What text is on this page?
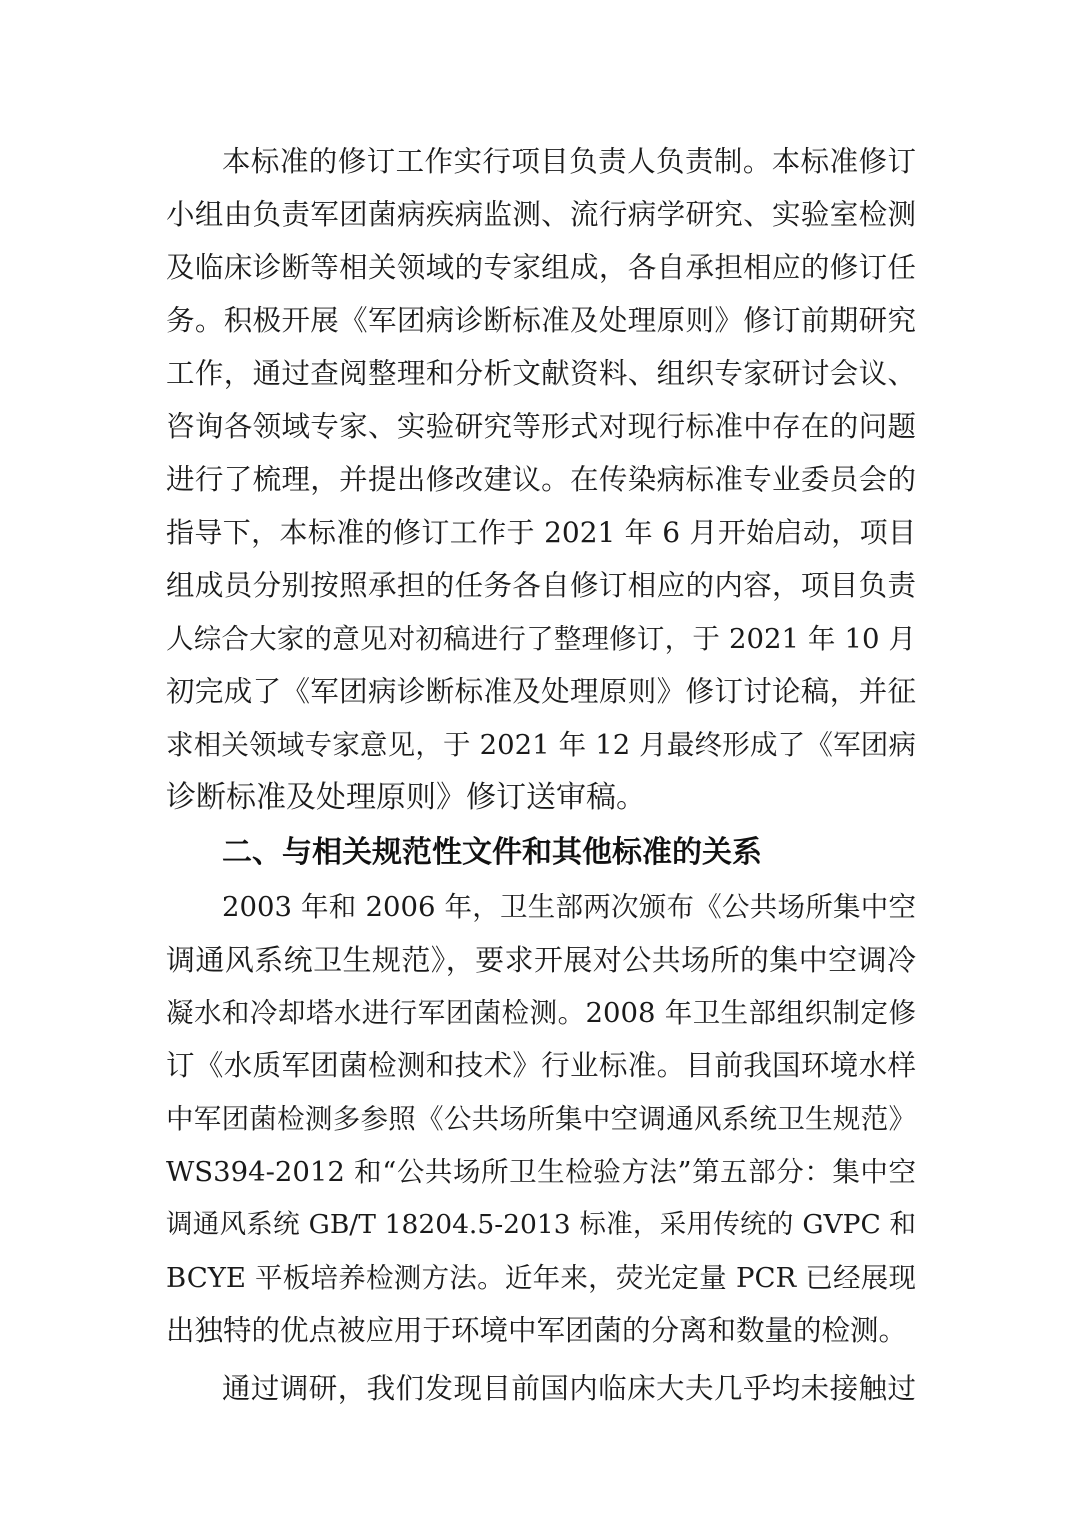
本标准的修订工作实行项目负责人负责制。本标准修订
小组由负责军团菌病疾病监测、流行病学研究、实验室检测
及临床诊断等相关领域的专家组成，各自承担相应的修订任
务。积极开展《军团病诊断标准及处理原则》修订前期研究
工作，通过查阅整理和分析文献资料、组织专家研讨会议、
咨询各领域专家、实验研究等形式对现行标准中存在的问题
进行了梳理，并提出修改建议。在传染病标准专业委员会的
指导下，本标准的修订工作于 2021 年 6 月开始启动，项目
组成员分别按照承担的任务各自修订相应的内容，项目负责
人综合大家的意见对初稿进行了整理修订，于 2021 年 10 月
初完成了《军团病诊断标准及处理原则》修订讨论稿，并征
求相关领域专家意见，于 2021 年 12 月最终形成了《军团病
诊断标准及处理原则》修订送审稿。
二、与相关规范性文件和其他标准的关系
2003 年和 2006 年，卫生部两次颁布《公共场所集中空
调通风系统卫生规范》，要求开展对公共场所的集中空调冷
凝水和冷却塔水进行军团菌检测。2008 年卫生部组织制定修
订《水质军团菌检测和技术》行业标准。目前我国环境水样
中军团菌检测多参照《公共场所集中空调通风系统卫生规范》
WS394-2012 和“公共场所卫生检验方法”第五部分：集中空
调通风系统 GB/T 18204.5-2013 标准，采用传统的 GVPC 和
BCYE 平板培养检测方法。近年来，荧光定量 PCR 已经展现
出独特的优点被应用于环境中军团菌的分离和数量的检测。
通过调研，我们发现目前国内临床大夫几乎均未接触过
